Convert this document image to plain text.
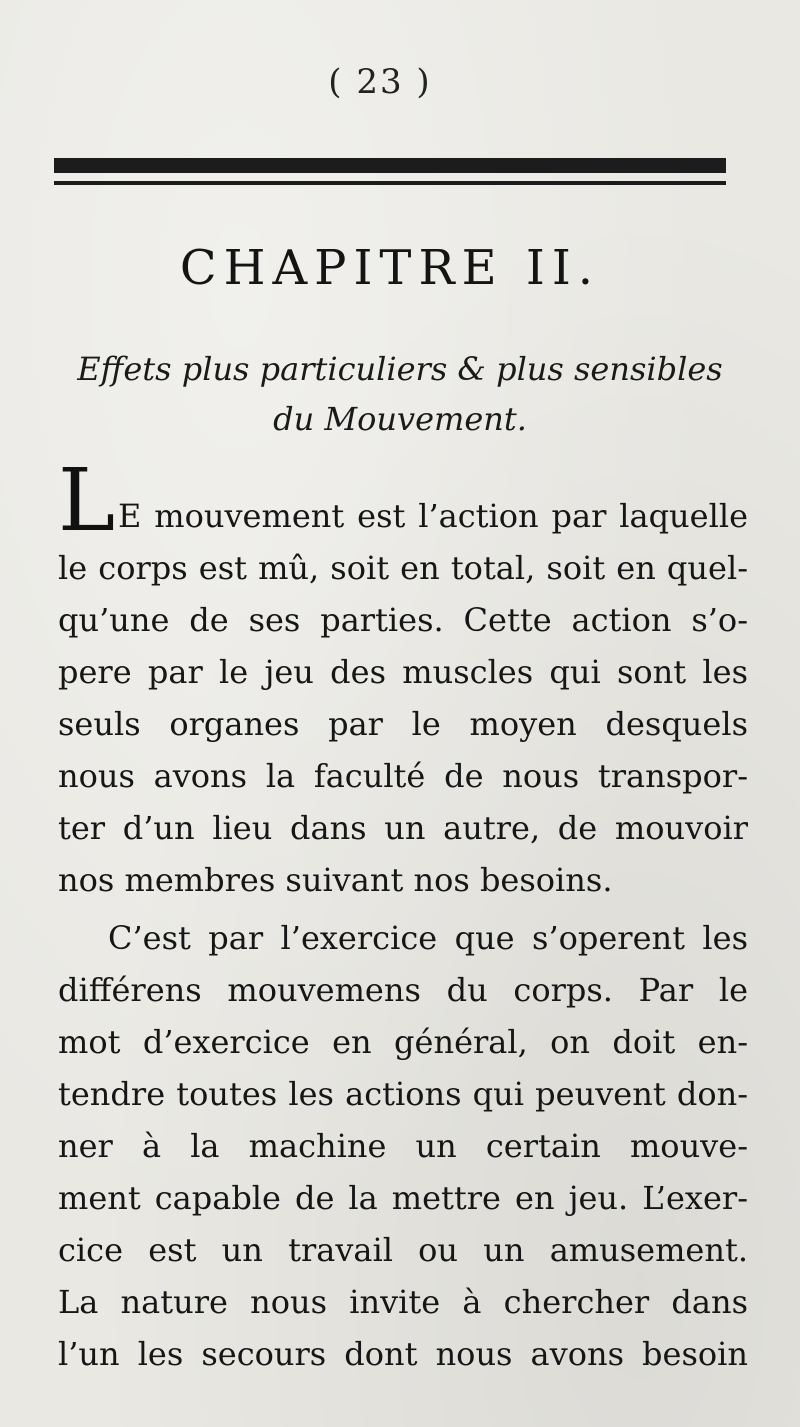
( 23 )
CHAPITRE II.
Effets plus particuliers & plus sensibles
du Mouvement.
L E mouvement est l’action par laquelle
le corps est mû, soit en total, soit en quel-
qu’une de ses parties. Cette action s’o-
pere par le jeu des muscles qui sont les
seuls organes par le moyen desquels
nous avons la faculté de nous transpor-
ter d’un lieu dans un autre, de mouvoir
nos membres suivant nos besoins.
C’est par l’exercice que s’operent les
différens mouvemens du corps. Par le
mot d’exercice en général, on doit en-
tendre toutes les actions qui peuvent don-
ner à la machine un certain mouve-
ment capable de la mettre en jeu. L’exer-
cice est un travail ou un amusement.
La nature nous invite à chercher dans
l’un les secours dont nous avons besoin
